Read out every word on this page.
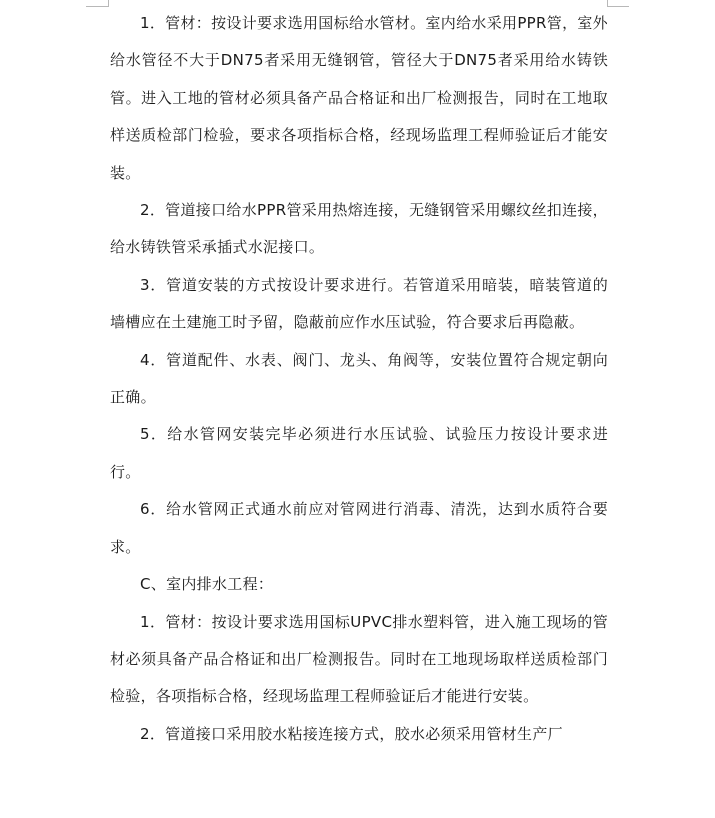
1．管材：按设计要求选用国标给水管材。室内给水采用PPR管，室外给水管径不大于DN75者采用无缝钢管，管径大于DN75者采用给水铸铁管。进入工地的管材必须具备产品合格证和出厂检测报告，同时在工地取样送质检部门检验，要求各项指标合格，经现场监理工程师验证后才能安装。

2．管道接口给水PPR管采用热熔连接，无缝钢管采用螺纹丝扣连接，给水铸铁管采承插式水泥接口。

3．管道安装的方式按设计要求进行。若管道采用暗装，暗装管道的墙槽应在土建施工时予留，隐蔽前应作水压试验，符合要求后再隐蔽。

4．管道配件、水表、阀门、龙头、角阀等，安装位置符合规定朝向正确。

5．给水管网安装完毕必须进行水压试验、试验压力按设计要求进行。

6．给水管网正式通水前应对管网进行消毒、清洗，达到水质符合要求。

C、室内排水工程：

1．管材：按设计要求选用国标UPVC排水塑料管，进入施工现场的管材必须具备产品合格证和出厂检测报告。同时在工地现场取样送质检部门检验，各项指标合格，经现场监理工程师验证后才能进行安装。

2．管道接口采用胶水粘接连接方式，胶水必须采用管材生产厂
